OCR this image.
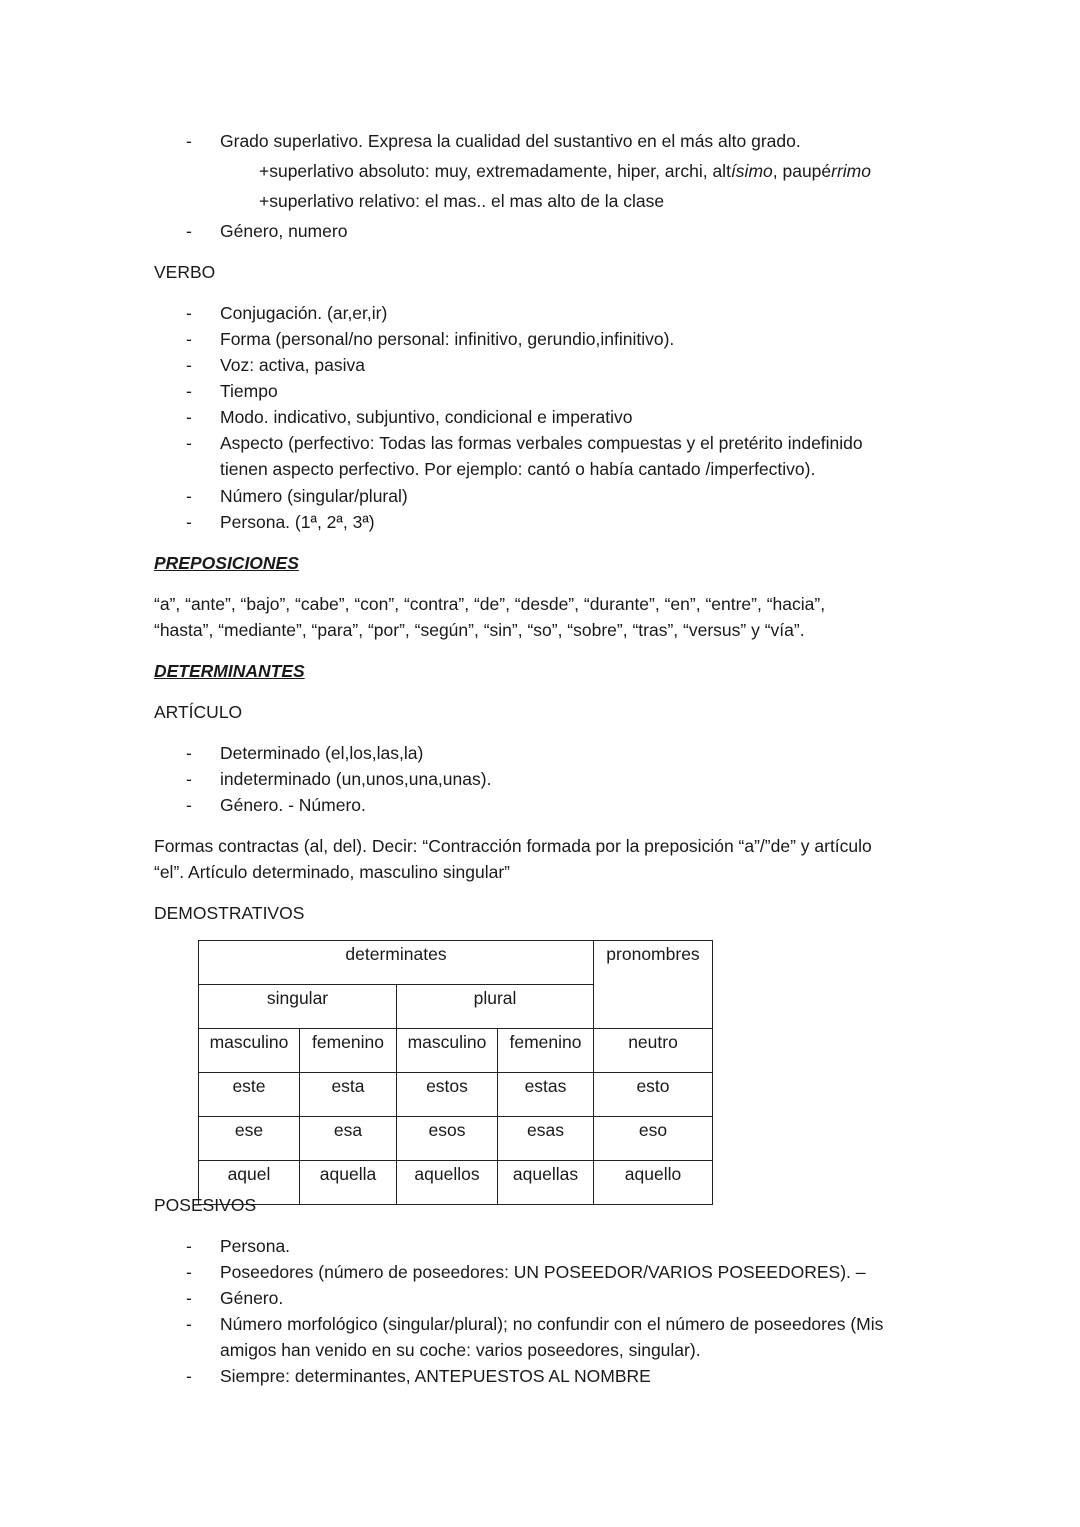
-
Grado superlativo. Expresa la cualidad del sustantivo en el más alto grado.
+superlativo absoluto: muy, extremadamente, hiper, archi, altísimo, paupérrimo
+superlativo relativo: el mas.. el mas alto de la clase
-
Género, numero
VERBO
-
Conjugación. (ar,er,ir)
-
Forma (personal/no personal: infinitivo, gerundio,infinitivo).
-
Voz: activa, pasiva
-
Tiempo
-
Modo. indicativo, subjuntivo, condicional e imperativo
-
Aspecto (perfectivo: Todas las formas verbales compuestas y el pretérito indefinido
tienen aspecto perfectivo. Por ejemplo: cantó o había cantado /imperfectivo).
-
Número (singular/plural)
-
Persona. (1ª, 2ª, 3ª)
PREPOSICIONES
“a”, “ante”, “bajo”, “cabe”, “con”, “contra”, “de”, “desde”, “durante”, “en”, “entre”, “hacia”,
“hasta”, “mediante”, “para”, “por”, “según”, “sin”, “so”, “sobre”, “tras”, “versus” y “vía”.
DETERMINANTES
ARTÍCULO
-
Determinado (el,los,las,la)
-
indeterminado (un,unos,una,unas).
-
Género. - Número.
Formas contractas (al, del). Decir: “Contracción formada por la preposición “a”/”de” y artículo
“el”. Artículo determinado, masculino singular”
DEMOSTRATIVOS
determinates				pronombres
singular		plural		
masculino	femenino	masculino	femenino	neutro
este	esta	estos	estas	esto
ese	esa	esos	esas	eso
aquel	aquella	aquellos	aquellas	aquello
POSESIVOS
-
Persona.
-
Poseedores (número de poseedores: UN POSEEDOR/VARIOS POSEEDORES). –
-
Género.
-
Número morfológico (singular/plural); no confundir con el número de poseedores (Mis
amigos han venido en su coche: varios poseedores, singular).
-
Siempre: determinantes, ANTEPUESTOS AL NOMBRE
